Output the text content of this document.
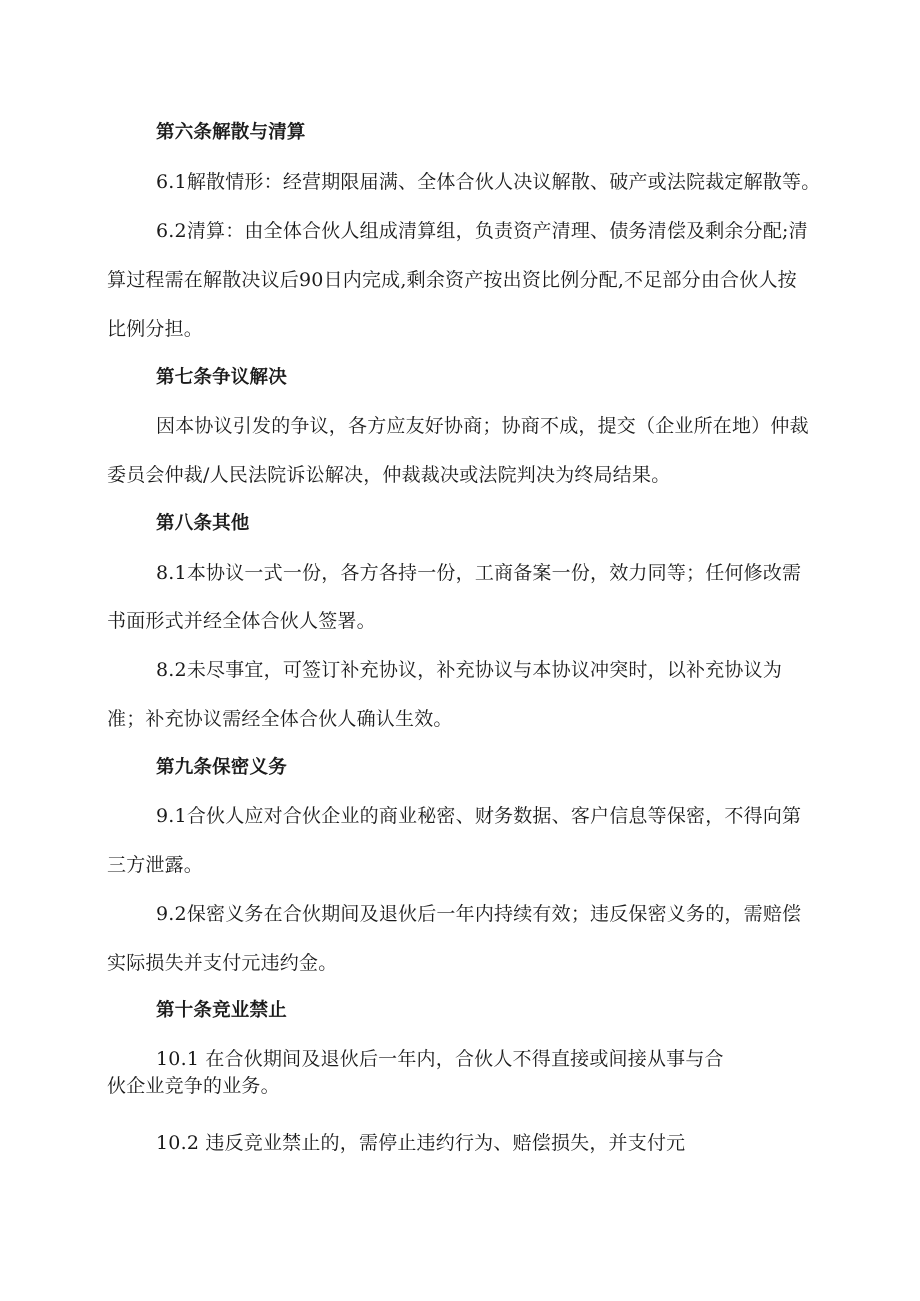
第六条解散与清算
6.1解散情形：经营期限届满、全体合伙人决议解散、破产或法院裁定解散等。
6.2清算：由全体合伙人组成清算组，负责资产清理、债务清偿及剩余分配;清
算过程需在解散决议后90日内完成,剩余资产按出资比例分配,不足部分由合伙人按
比例分担。
第七条争议解决
因本协议引发的争议，各方应友好协商；协商不成，提交（企业所在地）仲裁
委员会仲裁/人民法院诉讼解决，仲裁裁决或法院判决为终局结果。
第八条其他
8.1本协议一式一份，各方各持一份，工商备案一份，效力同等；任何修改需
书面形式并经全体合伙人签署。
8.2未尽事宜，可签订补充协议，补充协议与本协议冲突时，以补充协议为
准；补充协议需经全体合伙人确认生效。
第九条保密义务
9.1合伙人应对合伙企业的商业秘密、财务数据、客户信息等保密，不得向第
三方泄露。
9.2保密义务在合伙期间及退伙后一年内持续有效；违反保密义务的，需赔偿
实际损失并支付元违约金。
第十条竞业禁止
10.1 在合伙期间及退伙后一年内，合伙人不得直接或间接从事与合
伙企业竞争的业务。
10.2 违反竞业禁止的，需停止违约行为、赔偿损失，并支付元
